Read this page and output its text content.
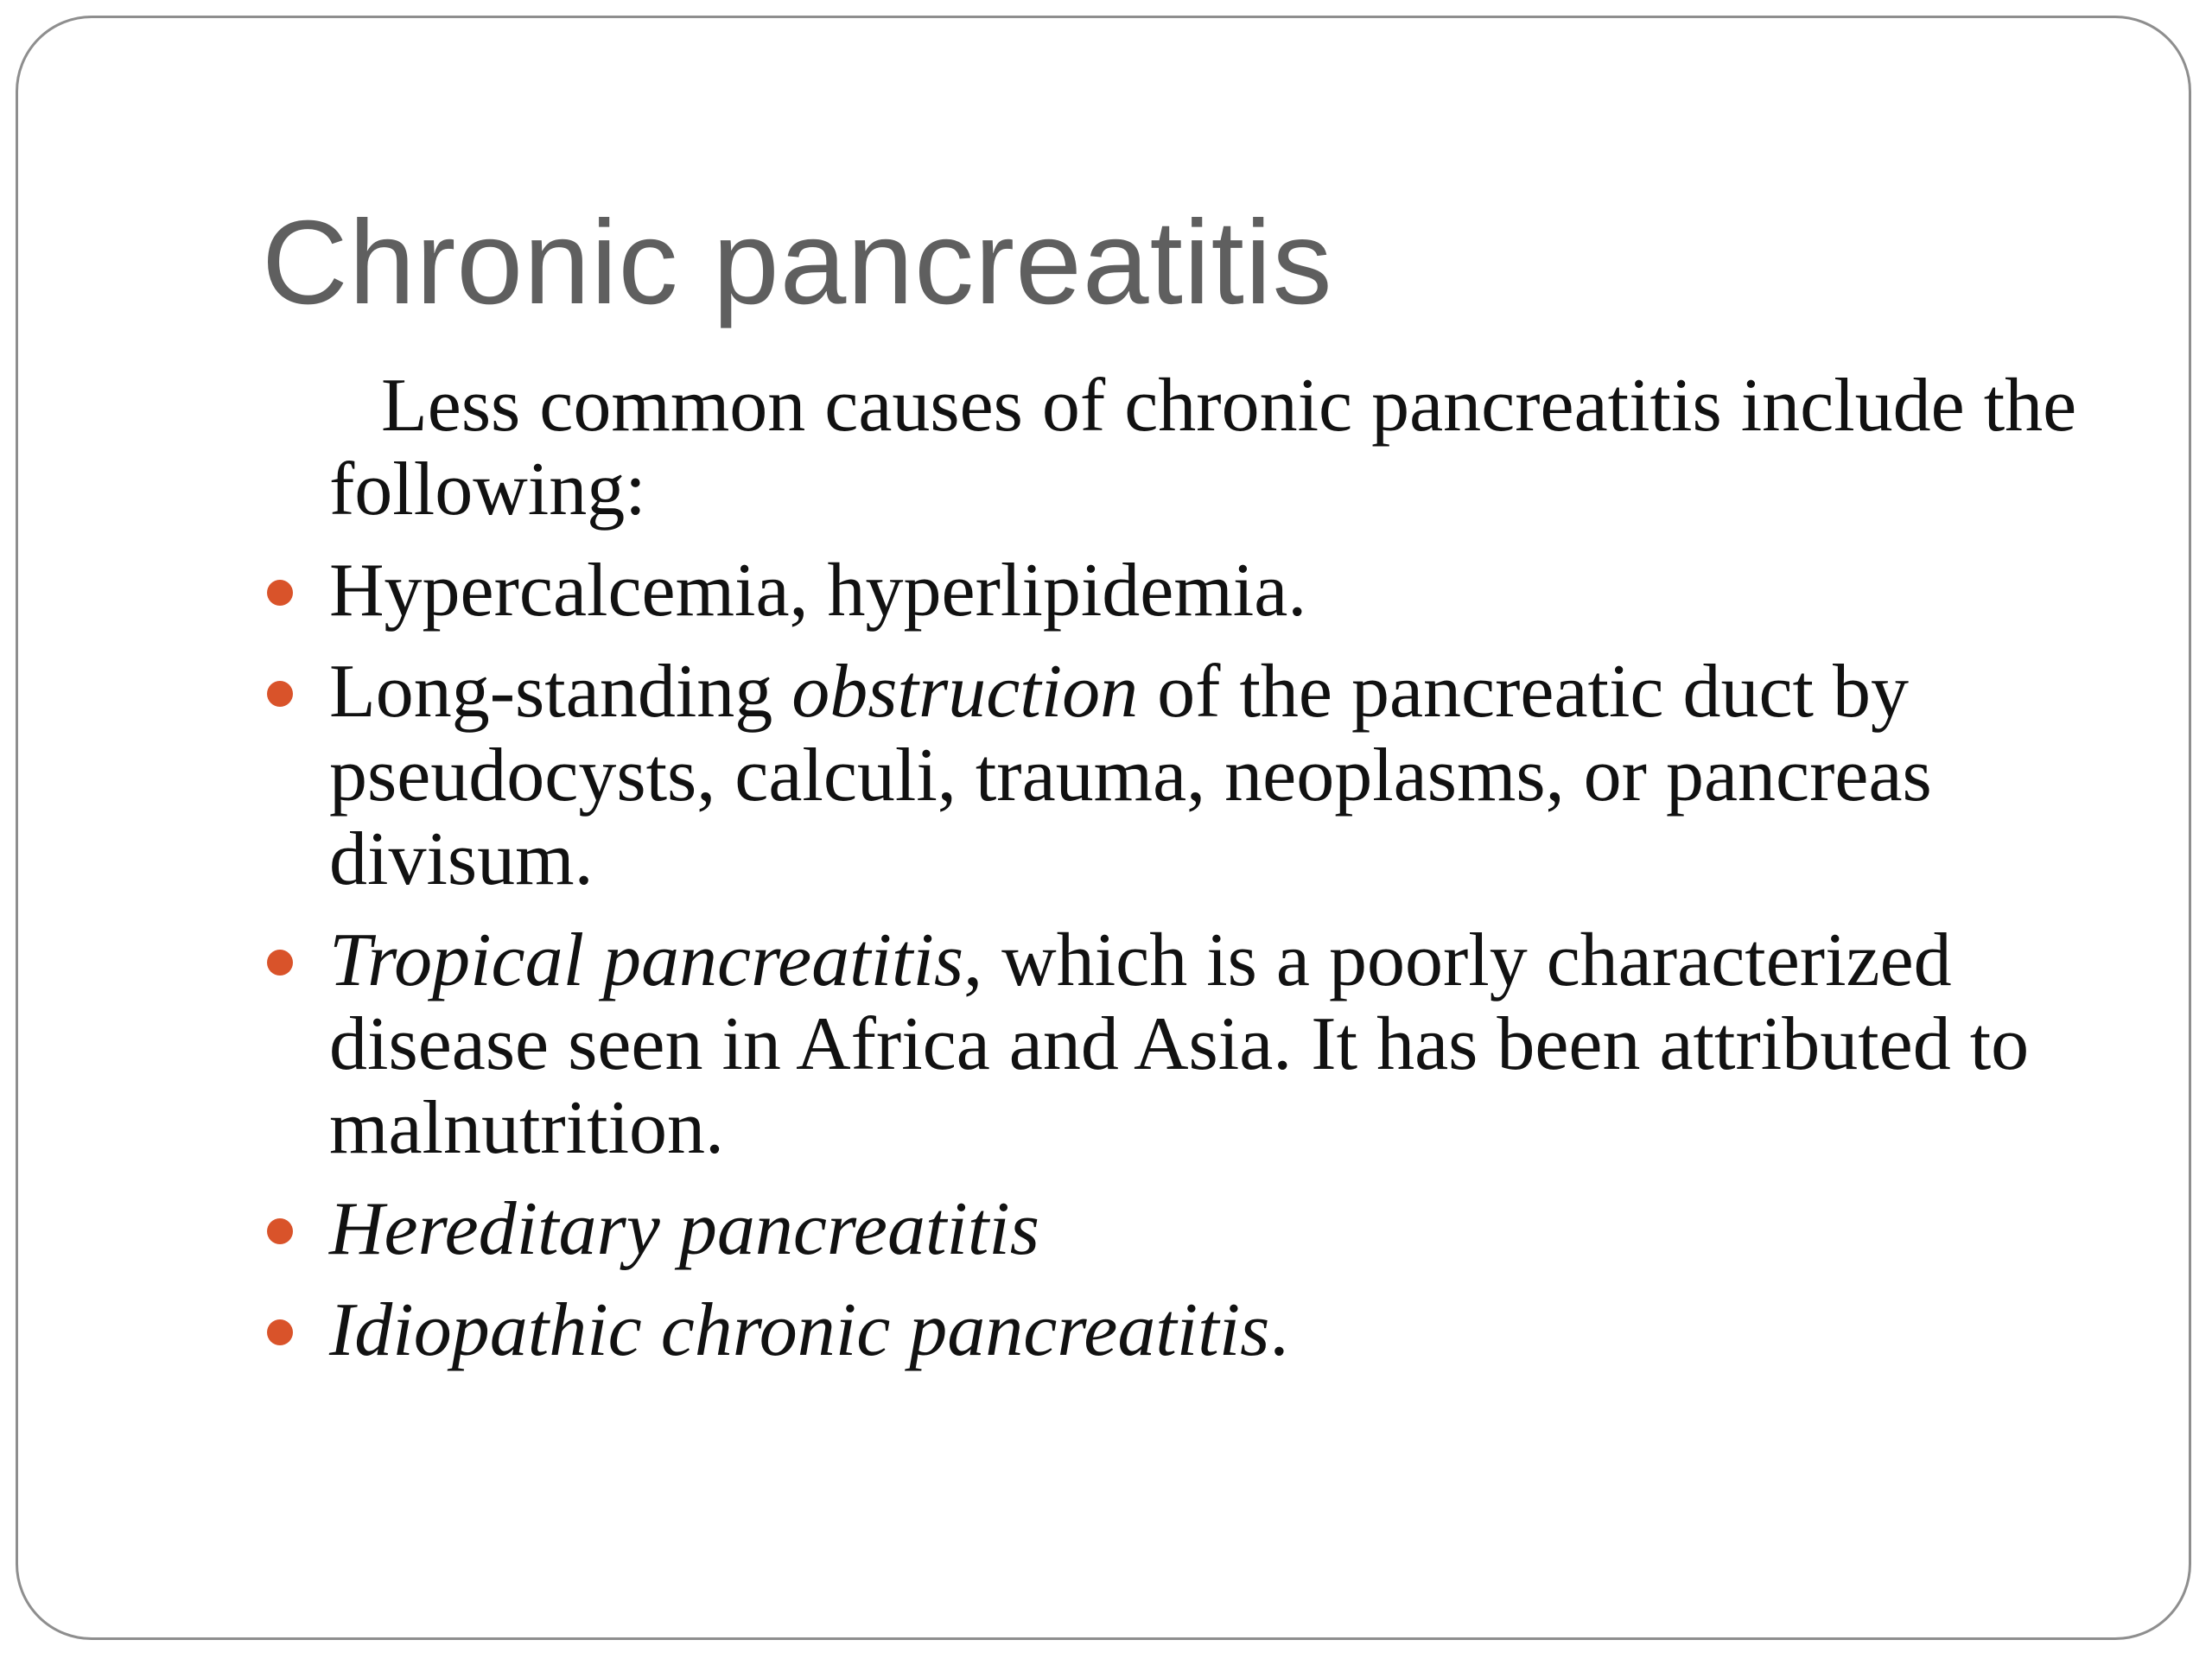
Chronic pancreatitis

Less common causes of chronic pancreatitis include the following:

Hypercalcemia, hyperlipidemia.
Long-standing obstruction of the pancreatic duct by pseudocysts, calculi, trauma, neoplasms, or pancreas divisum.
Tropical pancreatitis, which is a poorly characterized disease seen in Africa and Asia. It has been attributed to malnutrition.
Hereditary pancreatitis
Idiopathic chronic pancreatitis.
